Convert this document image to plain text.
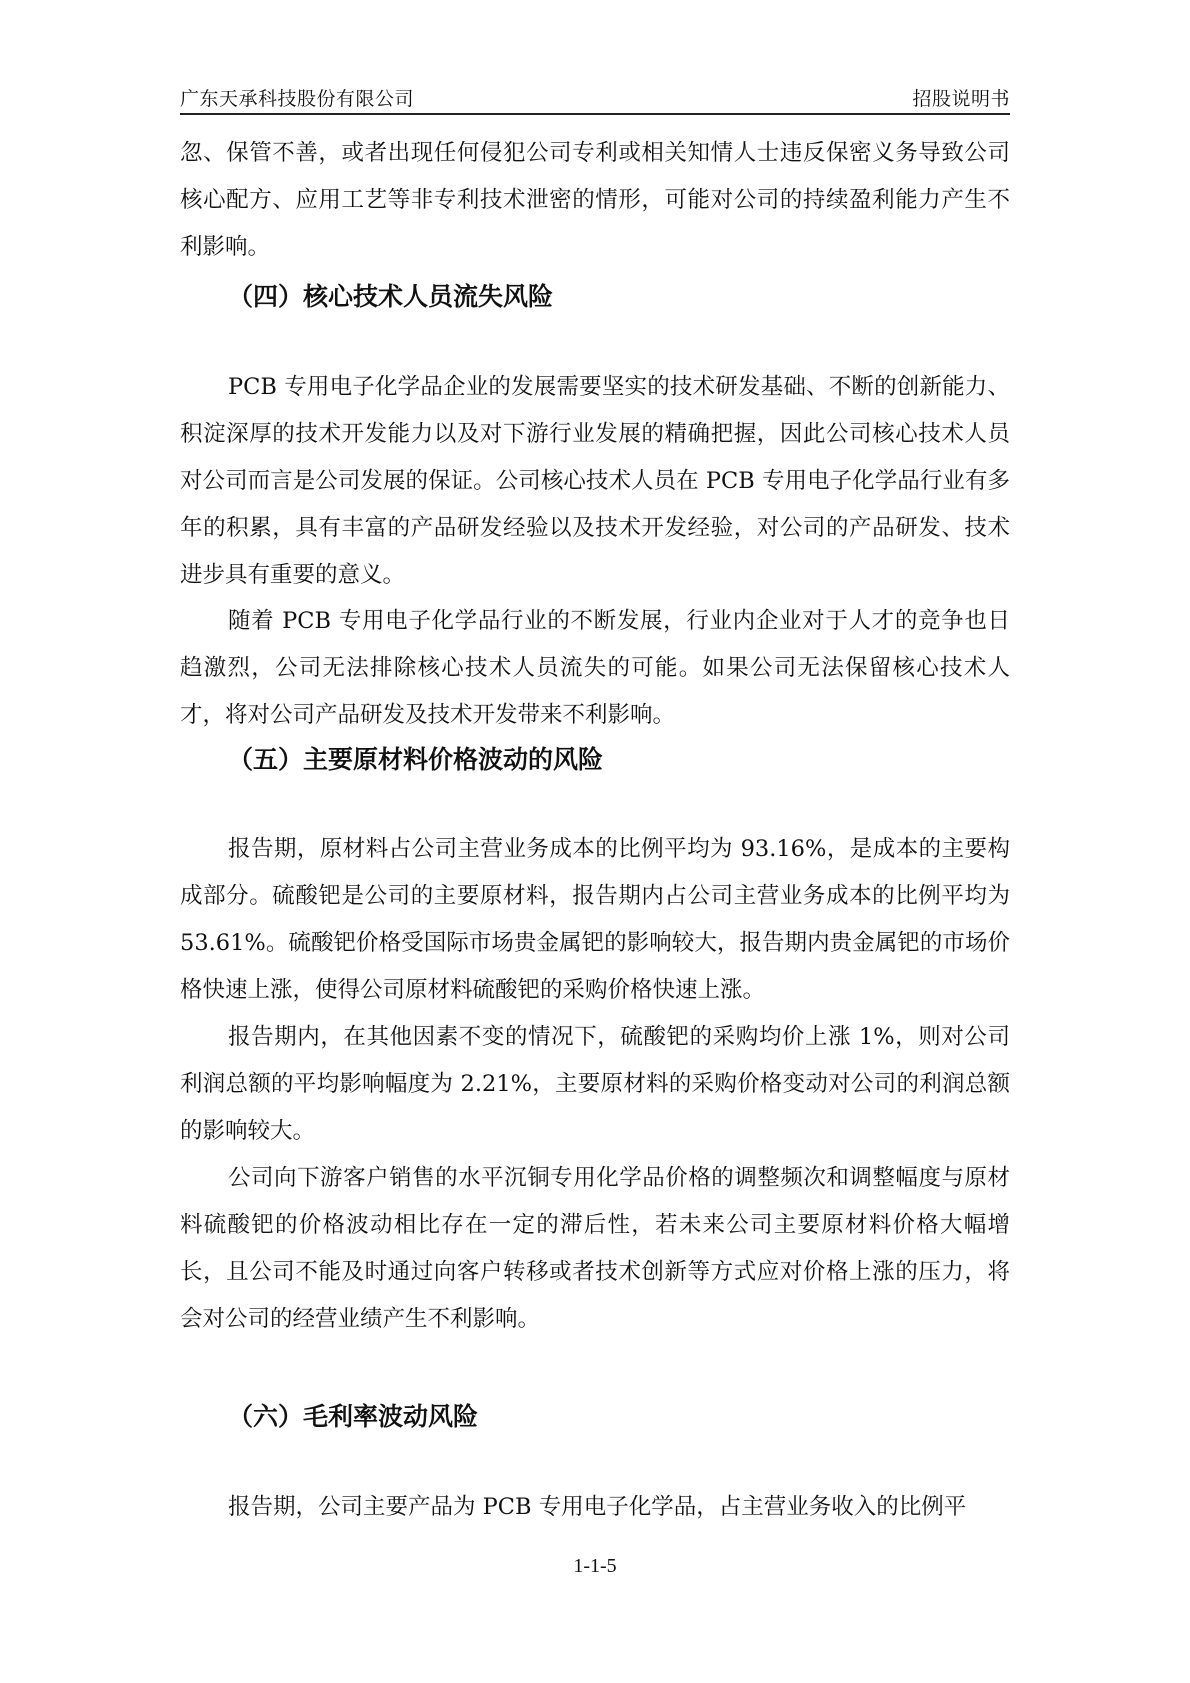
广东天承科技股份有限公司	招股说明书

忽、保管不善，或者出现任何侵犯公司专利或相关知情人士违反保密义务导致公司核心配方、应用工艺等非专利技术泄密的情形，可能对公司的持续盈利能力产生不利影响。

（四）核心技术人员流失风险

PCB 专用电子化学品企业的发展需要坚实的技术研发基础、不断的创新能力、积淀深厚的技术开发能力以及对下游行业发展的精确把握，因此公司核心技术人员对公司而言是公司发展的保证。公司核心技术人员在 PCB 专用电子化学品行业有多年的积累，具有丰富的产品研发经验以及技术开发经验，对公司的产品研发、技术进步具有重要的意义。

随着 PCB 专用电子化学品行业的不断发展，行业内企业对于人才的竞争也日趋激烈，公司无法排除核心技术人员流失的可能。如果公司无法保留核心技术人才，将对公司产品研发及技术开发带来不利影响。

（五）主要原材料价格波动的风险

报告期，原材料占公司主营业务成本的比例平均为 93.16%，是成本的主要构成部分。硫酸钯是公司的主要原材料，报告期内占公司主营业务成本的比例平均为 53.61%。硫酸钯价格受国际市场贵金属钯的影响较大，报告期内贵金属钯的市场价格快速上涨，使得公司原材料硫酸钯的采购价格快速上涨。

报告期内，在其他因素不变的情况下，硫酸钯的采购均价上涨 1%，则对公司利润总额的平均影响幅度为 2.21%，主要原材料的采购价格变动对公司的利润总额的影响较大。

公司向下游客户销售的水平沉铜专用化学品价格的调整频次和调整幅度与原材料硫酸钯的价格波动相比存在一定的滞后性，若未来公司主要原材料价格大幅增长，且公司不能及时通过向客户转移或者技术创新等方式应对价格上涨的压力，将会对公司的经营业绩产生不利影响。

（六）毛利率波动风险

报告期，公司主要产品为 PCB 专用电子化学品，占主营业务收入的比例平

1-1-5
